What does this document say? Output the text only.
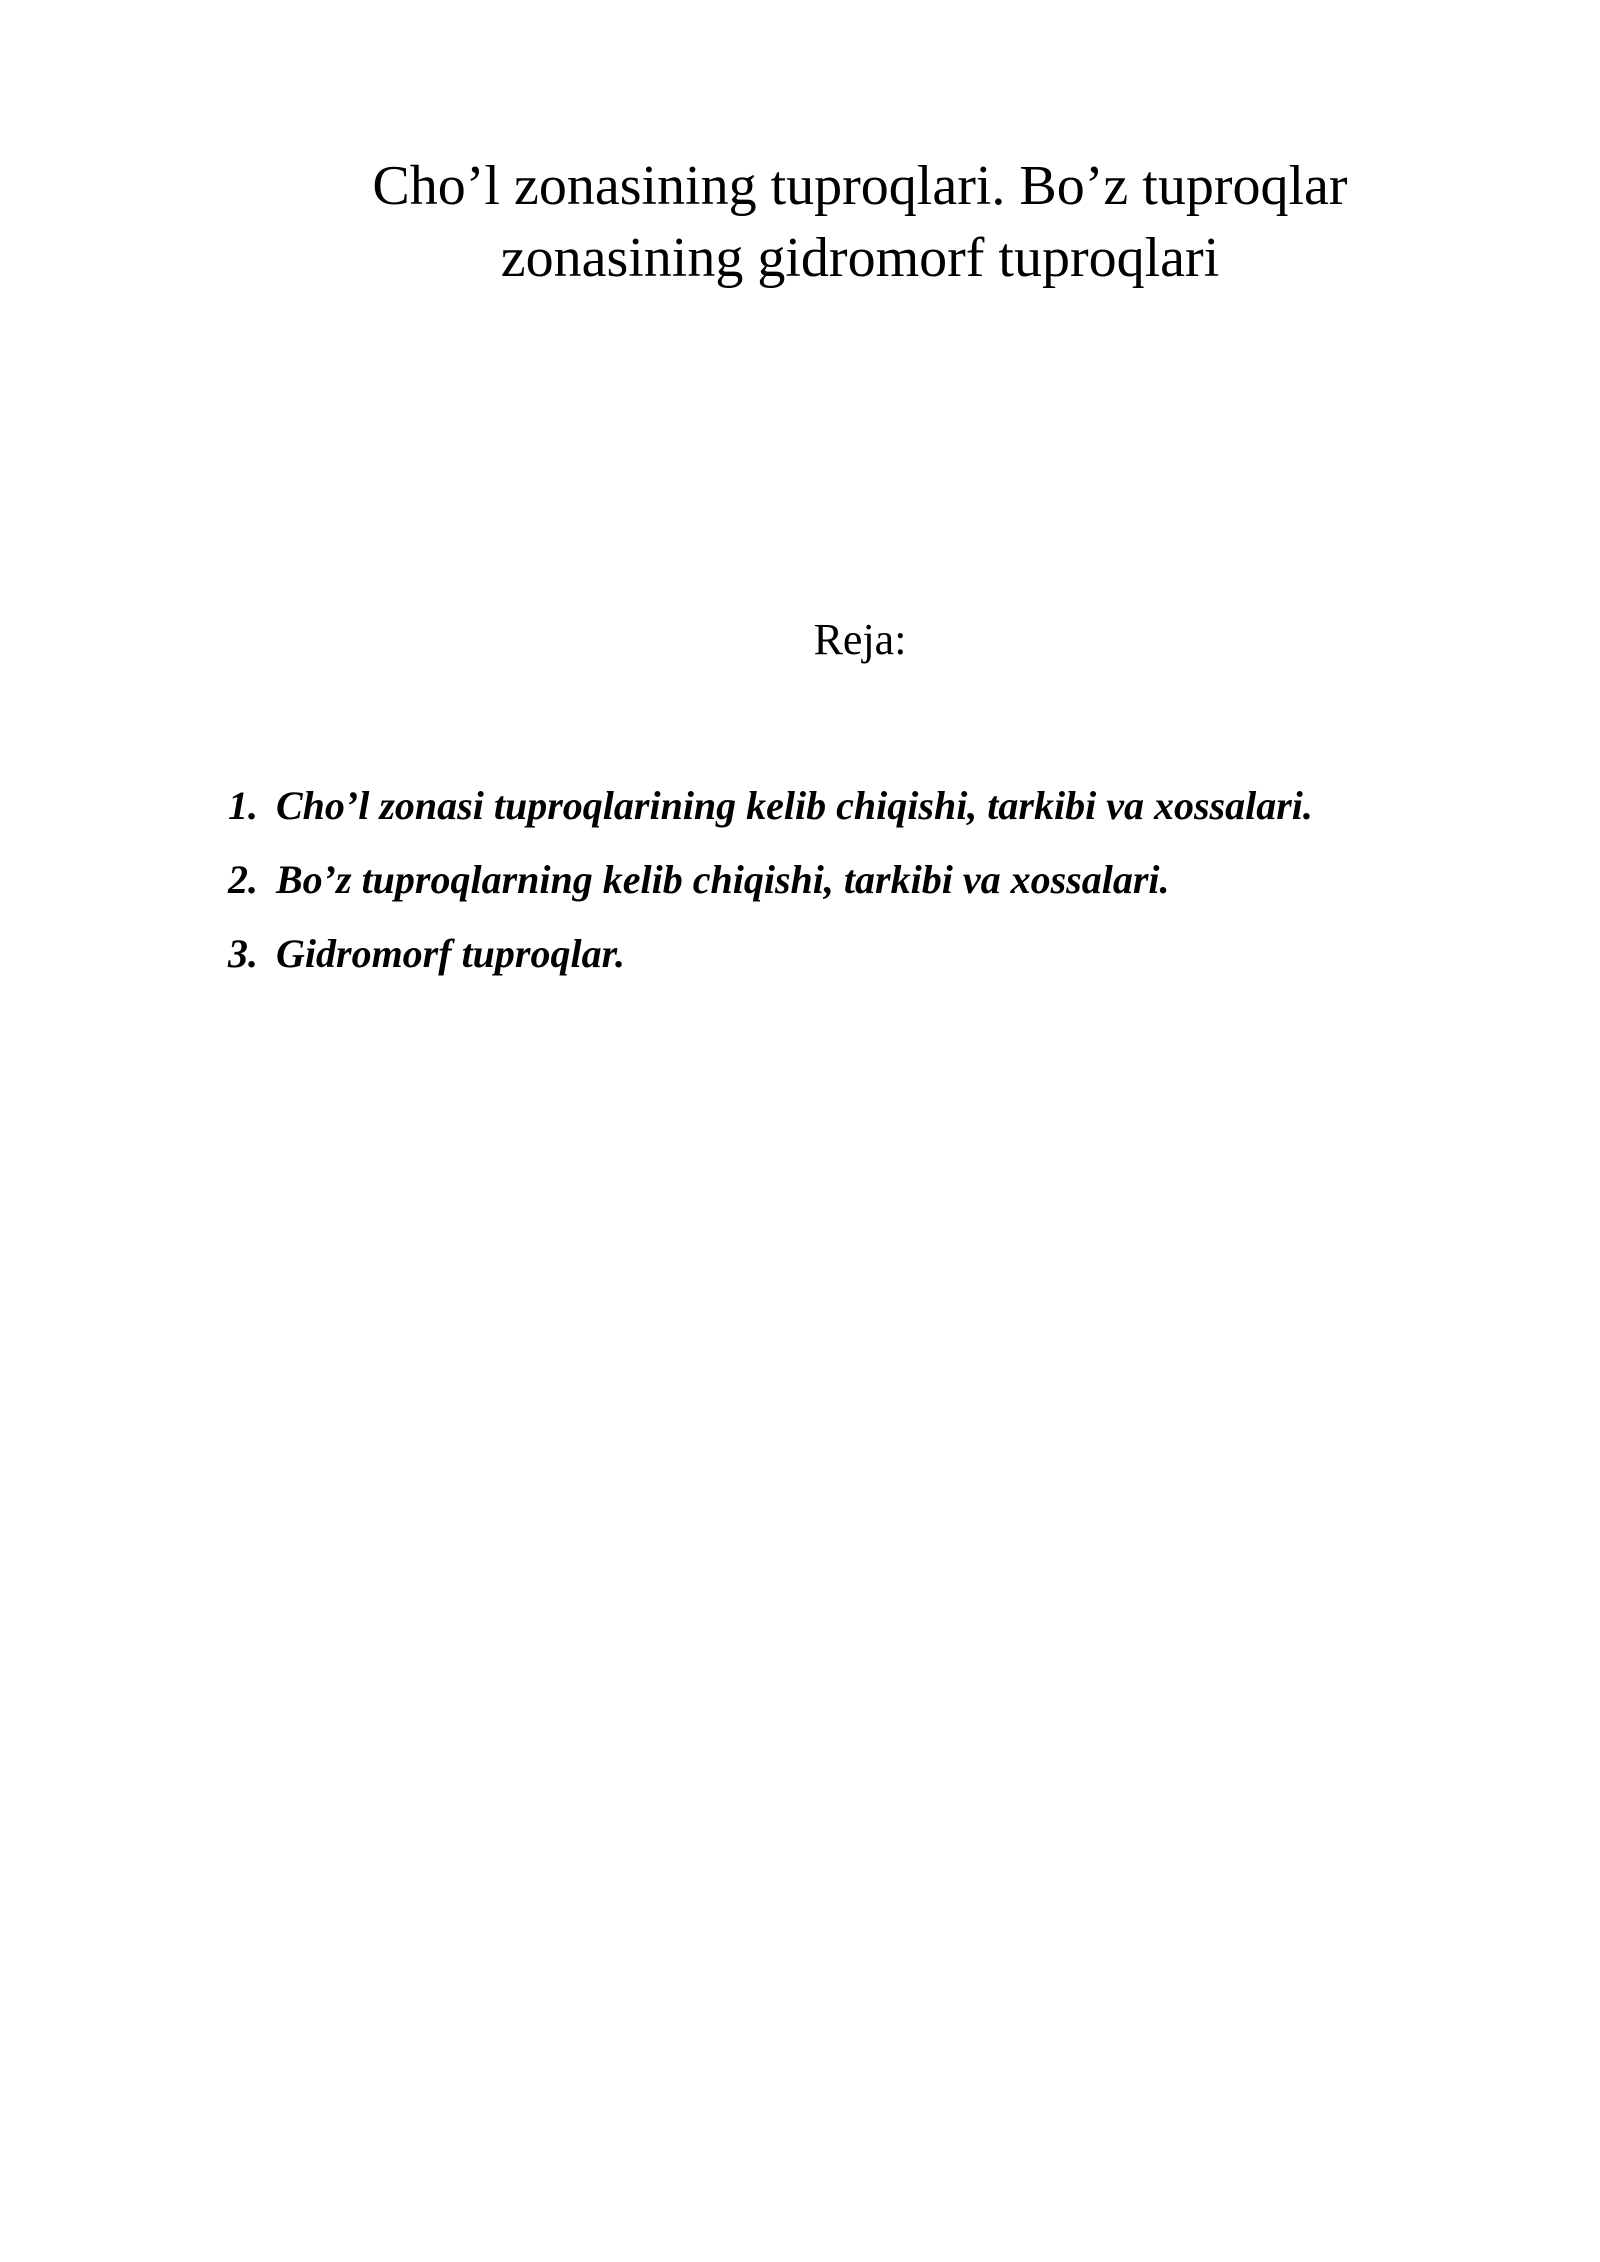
Cho’l zonasining tuproqlari. Bo’z tuproqlar
zonasining gidromorf tuproqlari
Reja:
1. Cho’l zonasi tuproqlarining kelib chiqishi, tarkibi va xossalari.
2. Bo’z tuproqlarning kelib chiqishi, tarkibi va xossalari.
3. Gidromorf tuproqlar.
